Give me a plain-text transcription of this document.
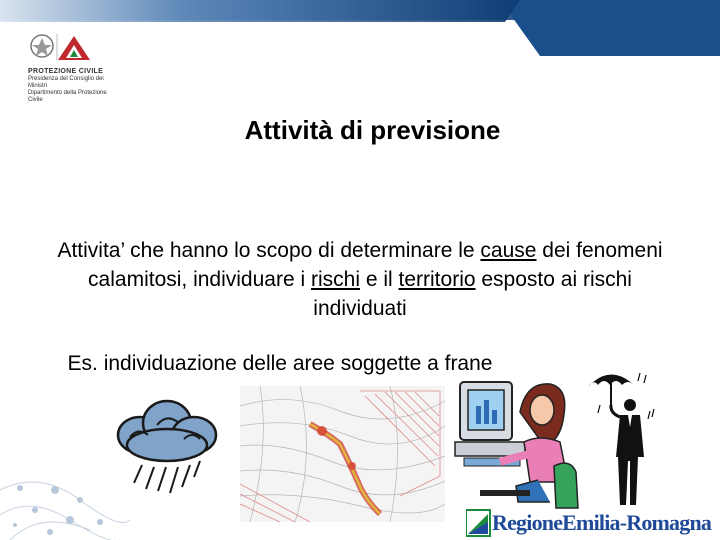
PROTEZIONE CIVILE
Presidenza del Consiglio dei Ministri
Dipartimento della Protezione Civile
Attività di previsione
Attivita’ che hanno lo scopo di determinare le cause dei fenomeni calamitosi, individuare i rischi e il territorio esposto ai rischi individuati
Es. individuazione delle aree soggette a frane
RegioneEmilia-Romagna
